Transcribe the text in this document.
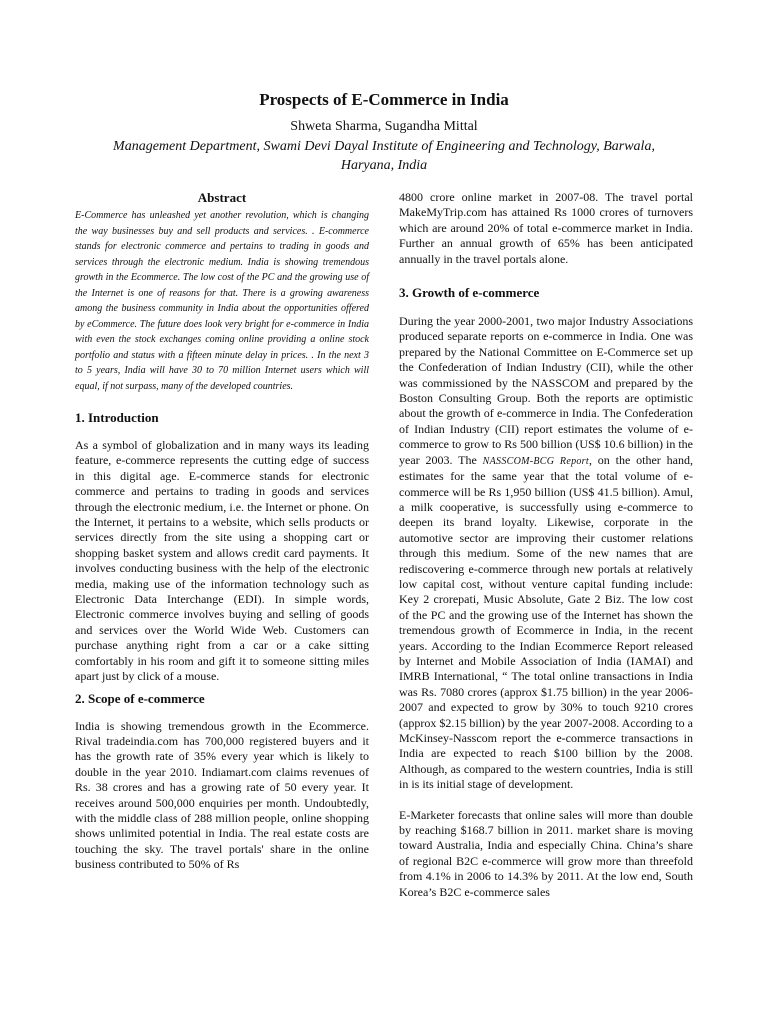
Prospects of E-Commerce in India

Shweta Sharma, Sugandha Mittal

Management Department, Swami Devi Dayal Institute of Engineering and Technology, Barwala, Haryana, India

Abstract

E-Commerce has unleashed yet another revolution, which is changing the way businesses buy and sell products and services. . E-commerce stands for electronic commerce and pertains to trading in goods and services through the electronic medium. India is showing tremendous growth in the Ecommerce. The low cost of the PC and the growing use of the Internet is one of reasons for that. There is a growing awareness among the business community in India about the opportunities offered by eCommerce. The future does look very bright for e-commerce in India with even the stock exchanges coming online providing a online stock portfolio and status with a fifteen minute delay in prices. . In the next 3 to 5 years, India will have 30 to 70 million Internet users which will equal, if not surpass, many of the developed countries.

1. Introduction

As a symbol of globalization and in many ways its leading feature, e-commerce represents the cutting edge of success in this digital age. E-commerce stands for electronic commerce and pertains to trading in goods and services through the electronic medium, i.e. the Internet or phone. On the Internet, it pertains to a website, which sells products or services directly from the site using a shopping cart or shopping basket system and allows credit card payments. It involves conducting business with the help of the electronic media, making use of the information technology such as Electronic Data Interchange (EDI). In simple words, Electronic commerce involves buying and selling of goods and services over the World Wide Web. Customers can purchase anything right from a car or a cake sitting comfortably in his room and gift it to someone sitting miles apart just by click of a mouse.

2. Scope of e-commerce

India is showing tremendous growth in the Ecommerce. Rival tradeindia.com has 700,000 registered buyers and it has the growth rate of 35% every year which is likely to double in the year 2010. Indiamart.com claims revenues of Rs. 38 crores and has a growing rate of 50 every year. It receives around 500,000 enquiries per month. Undoubtedly, with the middle class of 288 million people, online shopping shows unlimited potential in India. The real estate costs are touching the sky. The travel portals' share in the online business contributed to 50% of Rs

4800 crore online market in 2007-08. The travel portal MakeMyTrip.com has attained Rs 1000 crores of turnovers which are around 20% of total e-commerce market in India. Further an annual growth of 65% has been anticipated annually in the travel portals alone.

3. Growth of e-commerce

During the year 2000-2001, two major Industry Associations produced separate reports on e-commerce in India. One was prepared by the National Committee on E-Commerce set up the Confederation of Indian Industry (CII), while the other was commissioned by the NASSCOM and prepared by the Boston Consulting Group. Both the reports are optimistic about the growth of e-commerce in India. The Confederation of Indian Industry (CII) report estimates the volume of e-commerce to grow to Rs 500 billion (US$ 10.6 billion) in the year 2003. The NASSCOM-BCG Report, on the other hand, estimates for the same year that the total volume of e-commerce will be Rs 1,950 billion (US$ 41.5 billion). Amul, a milk cooperative, is successfully using e-commerce to deepen its brand loyalty. Likewise, corporate in the automotive sector are improving their customer relations through this medium. Some of the new names that are rediscovering e-commerce through new portals at relatively low capital cost, without venture capital funding include: Key 2 crorepati, Music Absolute, Gate 2 Biz. The low cost of the PC and the growing use of the Internet has shown the tremendous growth of Ecommerce in India, in the recent years. According to the Indian Ecommerce Report released by Internet and Mobile Association of India (IAMAI) and IMRB International, “ The total online transactions in India was Rs. 7080 crores (approx $1.75 billion) in the year 2006-2007 and expected to grow by 30% to touch 9210 crores (approx $2.15 billion) by the year 2007-2008. According to a McKinsey-Nasscom report the e-commerce transactions in India are expected to reach $100 billion by the 2008. Although, as compared to the western countries, India is still in is its initial stage of development.

E-Marketer forecasts that online sales will more than double by reaching $168.7 billion in 2011. market share is moving toward Australia, India and especially China. China’s share of regional B2C e-commerce will grow more than threefold from 4.1% in 2006 to 14.3% by 2011. At the low end, South Korea’s B2C e-commerce sales
